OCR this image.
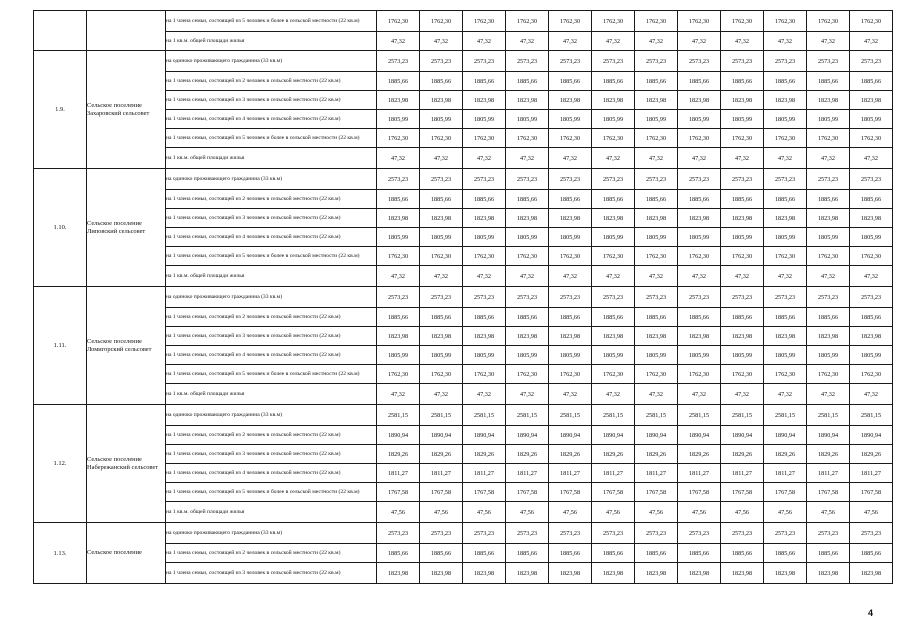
		на 1 члена семьи, состоящей из 5 человек и более в сельской местности (22 кв.м)	1762,30	1762,30	1762,30	1762,30	1762,30	1762,30	1762,30	1762,30	1762,30	1762,30	1762,30	1762,30
		на 1 кв.м. общей площади жилья	47,32	47,32	47,32	47,32	47,32	47,32	47,32	47,32	47,32	47,32	47,32	47,32
1.9.	Сельское поселение Захаровский сельсовет	на одиноко проживающего гражданина (33 кв.м)	2573,23	2573,23	2573,23	2573,23	2573,23	2573,23	2573,23	2573,23	2573,23	2573,23	2573,23	2573,23
		на 1 члена семьи, состоящей из 2 человек в сельской местности (22 кв.м)	1885,66	1885,66	1885,66	1885,66	1885,66	1885,66	1885,66	1885,66	1885,66	1885,66	1885,66	1885,66
		на 1 члена семьи, состоящей из 3 человек в сельской местности (22 кв.м)	1823,98	1823,98	1823,98	1823,98	1823,98	1823,98	1823,98	1823,98	1823,98	1823,98	1823,98	1823,98
		на 1 члена семьи, состоящей из 4 человек в сельской местности (22 кв.м)	1805,99	1805,99	1805,99	1805,99	1805,99	1805,99	1805,99	1805,99	1805,99	1805,99	1805,99	1805,99
		на 1 члена семьи, состоящей из 5 человек и более в сельской местности (22 кв.м)	1762,30	1762,30	1762,30	1762,30	1762,30	1762,30	1762,30	1762,30	1762,30	1762,30	1762,30	1762,30
		на 1 кв.м. общей площади жилья	47,32	47,32	47,32	47,32	47,32	47,32	47,32	47,32	47,32	47,32	47,32	47,32
1.10.	Сельское поселение Липовский сельсовет	на одиноко проживающего гражданина (33 кв.м)	2573,23	2573,23	2573,23	2573,23	2573,23	2573,23	2573,23	2573,23	2573,23	2573,23	2573,23	2573,23
		на 1 члена семьи, состоящей из 2 человек в сельской местности (22 кв.м)	1885,66	1885,66	1885,66	1885,66	1885,66	1885,66	1885,66	1885,66	1885,66	1885,66	1885,66	1885,66
		на 1 члена семьи, состоящей из 3 человек в сельской местности (22 кв.м)	1823,98	1823,98	1823,98	1823,98	1823,98	1823,98	1823,98	1823,98	1823,98	1823,98	1823,98	1823,98
		на 1 члена семьи, состоящей из 4 человек в сельской местности (22 кв.м)	1805,99	1805,99	1805,99	1805,99	1805,99	1805,99	1805,99	1805,99	1805,99	1805,99	1805,99	1805,99
		на 1 члена семьи, состоящей из 5 человек и более в сельской местности (22 кв.м)	1762,30	1762,30	1762,30	1762,30	1762,30	1762,30	1762,30	1762,30	1762,30	1762,30	1762,30	1762,30
		на 1 кв.м. общей площади жилья	47,32	47,32	47,32	47,32	47,32	47,32	47,32	47,32	47,32	47,32	47,32	47,32
1.11.	Сельское поселение Ломигорский сельсовет	на одиноко проживающего гражданина (33 кв.м)	2573,23	2573,23	2573,23	2573,23	2573,23	2573,23	2573,23	2573,23	2573,23	2573,23	2573,23	2573,23
		на 1 члена семьи, состоящей из 2 человек в сельской местности (22 кв.м)	1885,66	1885,66	1885,66	1885,66	1885,66	1885,66	1885,66	1885,66	1885,66	1885,66	1885,66	1885,66
		на 1 члена семьи, состоящей из 3 человек в сельской местности (22 кв.м)	1823,98	1823,98	1823,98	1823,98	1823,98	1823,98	1823,98	1823,98	1823,98	1823,98	1823,98	1823,98
		на 1 члена семьи, состоящей из 4 человек в сельской местности (22 кв.м)	1805,99	1805,99	1805,99	1805,99	1805,99	1805,99	1805,99	1805,99	1805,99	1805,99	1805,99	1805,99
		на 1 члена семьи, состоящей из 5 человек и более в сельской местности (22 кв.м)	1762,30	1762,30	1762,30	1762,30	1762,30	1762,30	1762,30	1762,30	1762,30	1762,30	1762,30	1762,30
		на 1 кв.м. общей площади жилья	47,32	47,32	47,32	47,32	47,32	47,32	47,32	47,32	47,32	47,32	47,32	47,32
1.12.	Сельское поселение Набережанский сельсовет	на одиноко проживающего гражданина (33 кв.м)	2581,15	2581,15	2581,15	2581,15	2581,15	2581,15	2581,15	2581,15	2581,15	2581,15	2581,15	2581,15
		на 1 члена семьи, состоящей из 2 человек в сельской местности (22 кв.м)	1890,94	1890,94	1890,94	1890,94	1890,94	1890,94	1890,94	1890,94	1890,94	1890,94	1890,94	1890,94
		на 1 члена семьи, состоящей из 3 человек в сельской местности (22 кв.м)	1829,26	1829,26	1829,26	1829,26	1829,26	1829,26	1829,26	1829,26	1829,26	1829,26	1829,26	1829,26
		на 1 члена семьи, состоящей из 4 человек в сельской местности (22 кв.м)	1811,27	1811,27	1811,27	1811,27	1811,27	1811,27	1811,27	1811,27	1811,27	1811,27	1811,27	1811,27
		на 1 члена семьи, состоящей из 5 человек и более в сельской местности (22 кв.м)	1767,58	1767,58	1767,58	1767,58	1767,58	1767,58	1767,58	1767,58	1767,58	1767,58	1767,58	1767,58
		на 1 кв.м. общей площади жилья	47,56	47,56	47,56	47,56	47,56	47,56	47,56	47,56	47,56	47,56	47,56	47,56
1.13.	Сельское поселение	на одиноко проживающего гражданина (33 кв.м)	2573,23	2573,23	2573,23	2573,23	2573,23	2573,23	2573,23	2573,23	2573,23	2573,23	2573,23	2573,23
		на 1 члена семьи, состоящей из 2 человек в сельской местности (22 кв.м)	1885,66	1885,66	1885,66	1885,66	1885,66	1885,66	1885,66	1885,66	1885,66	1885,66	1885,66	1885,66
		на 1 члена семьи, состоящей из 3 человек в сельской местности (22 кв.м)	1823,98	1823,98	1823,98	1823,98	1823,98	1823,98	1823,98	1823,98	1823,98	1823,98	1823,98	1823,98
4
